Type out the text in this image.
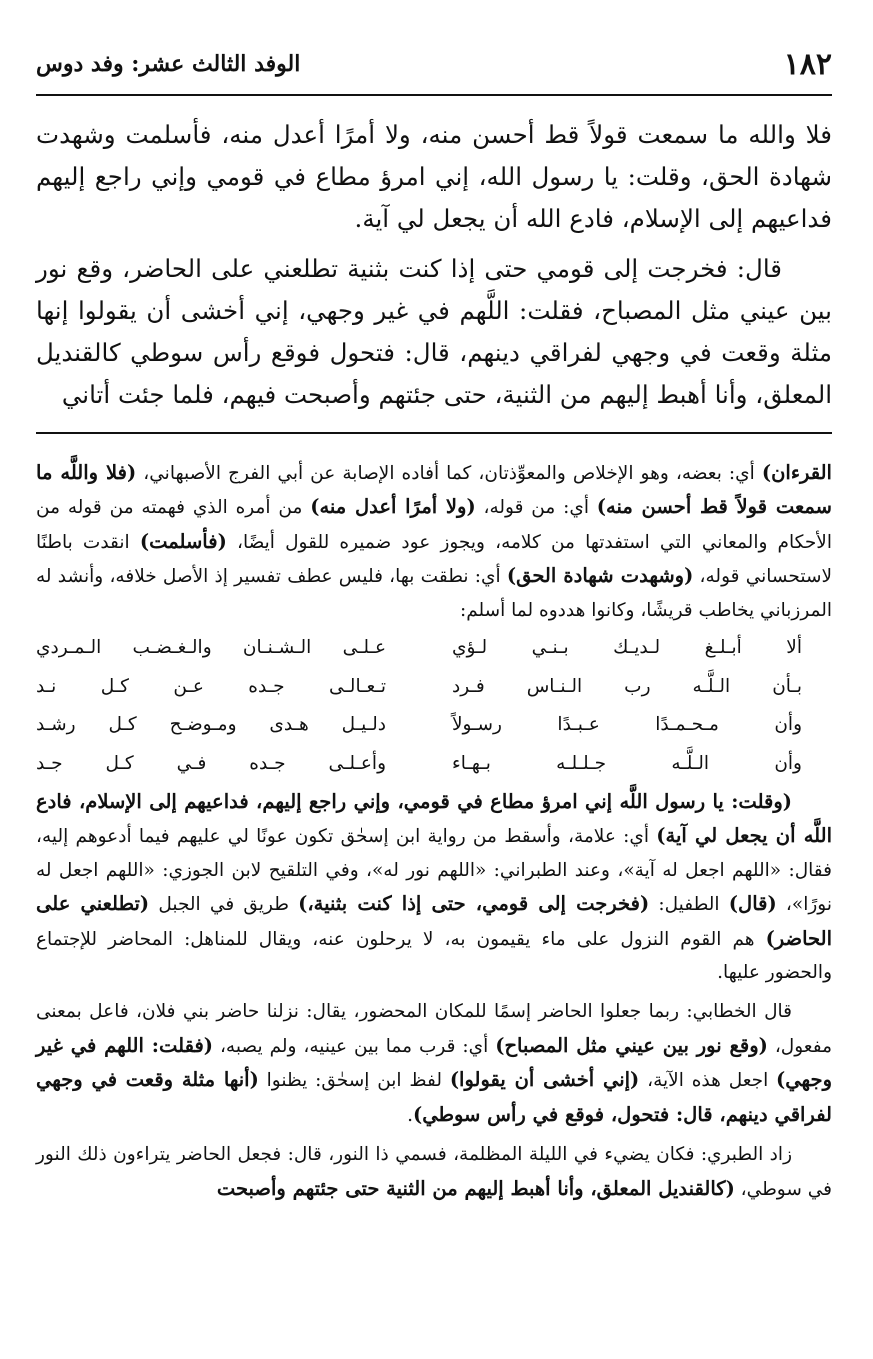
١٨٢
الوفد الثالث عشر: وفد دوس

فلا والله ما سمعت قولاً قط أحسن منه، ولا أمرًا أعدل منه، فأسلمت وشهدت شهادة الحق، وقلت: يا رسول الله، إني امرؤ مطاع في قومي وإني راجع إليهم فداعيهم إلى الإسلام، فادع الله أن يجعل لي آية.

قال: فخرجت إلى قومي حتى إذا كنت بثنية تطلعني على الحاضر، وقع نور بين عيني مثل المصباح، فقلت: اللَّهم في غير وجهي، إني أخشى أن يقولوا إنها مثلة وقعت في وجهي لفراقي دينهم، قال: فتحول فوقع رأس سوطي كالقنديل المعلق، وأنا أهبط إليهم من الثنية، حتى جئتهم وأصبحت فيهم، فلما جئت أتاني

القرءان) أي: بعضه، وهو الإخلاص والمعوِّذتان، كما أفاده الإصابة عن أبي الفرج الأصبهاني، (فلا واللَّه ما سمعت قولاً قط أحسن منه) أي: من قوله، (ولا أمرًا أعدل منه) من أمره الذي فهمته من قوله من الأحكام والمعاني التي استفدتها من كلامه، ويجوز عود ضميره للقول أيضًا، (فأسلمت) انقدت باطنًا لاستحساني قوله، (وشهدت شهادة الحق) أي: نطقت بها، فليس عطف تفسير إذ الأصل خلافه، وأنشد له المرزباني يخاطب قريشًا، وكانوا هددوه لما أسلم:

ألا أبـلـغ لـديـك بـنـي لـؤي
عـلـى الـشـنـان والـغـضـب الـمـردي
بـأن الـلَّـه رب الـنـاس فـرد
تـعـالـى جـده عـن كـل نـد
وأن مـحـمـدًا عـبـدًا رسـولاً
دلـيـل هـدى ومـوضـح كـل رشـد
وأن الـلَّـه جـلـلـه بـهـاء
وأعـلـى جـده فـي كـل جـد

(وقلت: يا رسول اللَّه إني امرؤ مطاع في قومي، وإني راجع إليهم، فداعيهم إلى الإسلام، فادع اللَّه أن يجعل لي آية) أي: علامة، وأسقط من رواية ابن إسحٰق تكون عونًا لي عليهم فيما أدعوهم إليه، فقال: «اللهم اجعل له آية»، وعند الطبراني: «اللهم نور له»، وفي التلقيح لابن الجوزي: «اللهم اجعل له نورًا»، (قال) الطفيل: (فخرجت إلى قومي، حتى إذا كنت بثنية،) طريق في الجبل (تطلعني على الحاضر) هم القوم النزول على ماء يقيمون به، لا يرحلون عنه، ويقال للمناهل: المحاضر للإجتماع والحضور عليها.

قال الخطابي: ربما جعلوا الحاضر إسمًا للمكان المحضور، يقال: نزلنا حاضر بني فلان، فاعل بمعنى مفعول، (وقع نور بين عيني مثل المصباح) أي: قرب مما بين عينيه، ولم يصبه، (فقلت: اللهم في غير وجهي) اجعل هذه الآية، (إني أخشى أن يقولوا) لفظ ابن إسحٰق: يظنوا (أنها مثلة وقعت في وجهي لفراقي دينهم، قال: فتحول، فوقع في رأس سوطي).

زاد الطبري: فكان يضيء في الليلة المظلمة، فسمي ذا النور، قال: فجعل الحاضر يتراءون ذلك النور في سوطي، (كالقنديل المعلق، وأنا أهبط إليهم من الثنية حتى جئتهم وأصبحت
